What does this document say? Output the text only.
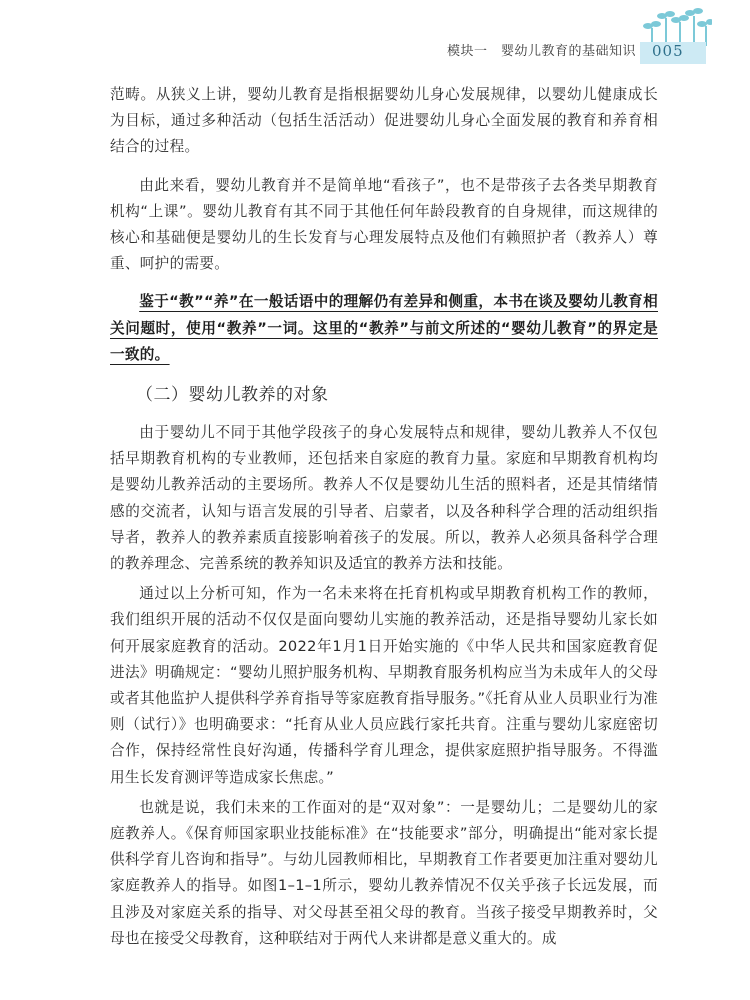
模块一　婴幼儿教育的基础知识 005

范畴。从狭义上讲，婴幼儿教育是指根据婴幼儿身心发展规律，以婴幼儿健康成长为目标，通过多种活动（包括生活活动）促进婴幼儿身心全面发展的教育和养育相结合的过程。

由此来看，婴幼儿教育并不是简单地“看孩子”，也不是带孩子去各类早期教育机构“上课”。婴幼儿教育有其不同于其他任何年龄段教育的自身规律，而这规律的核心和基础便是婴幼儿的生长发育与心理发展特点及他们有赖照护者（教养人）尊重、呵护的需要。

鉴于“教”“养”在一般话语中的理解仍有差异和侧重，本书在谈及婴幼儿教育相关问题时，使用“教养”一词。这里的“教养”与前文所述的“婴幼儿教育”的界定是一致的。

（二）婴幼儿教养的对象

由于婴幼儿不同于其他学段孩子的身心发展特点和规律，婴幼儿教养人不仅包括早期教育机构的专业教师，还包括来自家庭的教育力量。家庭和早期教育机构均是婴幼儿教养活动的主要场所。教养人不仅是婴幼儿生活的照料者，还是其情绪情感的交流者，认知与语言发展的引导者、启蒙者，以及各种科学合理的活动组织指导者，教养人的教养素质直接影响着孩子的发展。所以，教养人必须具备科学合理的教养理念、完善系统的教养知识及适宜的教养方法和技能。

通过以上分析可知，作为一名未来将在托育机构或早期教育机构工作的教师，我们组织开展的活动不仅仅是面向婴幼儿实施的教养活动，还是指导婴幼儿家长如何开展家庭教育的活动。2022年1月1日开始实施的《中华人民共和国家庭教育促进法》明确规定：“婴幼儿照护服务机构、早期教育服务机构应当为未成年人的父母或者其他监护人提供科学养育指导等家庭教育指导服务。”《托育从业人员职业行为准则（试行）》也明确要求：“托育从业人员应践行家托共育。注重与婴幼儿家庭密切合作，保持经常性良好沟通，传播科学育儿理念，提供家庭照护指导服务。不得滥用生长发育测评等造成家长焦虑。”

也就是说，我们未来的工作面对的是“双对象”：一是婴幼儿；二是婴幼儿的家庭教养人。《保育师国家职业技能标准》在“技能要求”部分，明确提出“能对家长提供科学育儿咨询和指导”。与幼儿园教师相比，早期教育工作者要更加注重对婴幼儿家庭教养人的指导。如图1–1–1所示，婴幼儿教养情况不仅关乎孩子长远发展，而且涉及对家庭关系的指导、对父母甚至祖父母的教育。当孩子接受早期教养时，父母也在接受父母教育，这种联结对于两代人来讲都是意义重大的。成
